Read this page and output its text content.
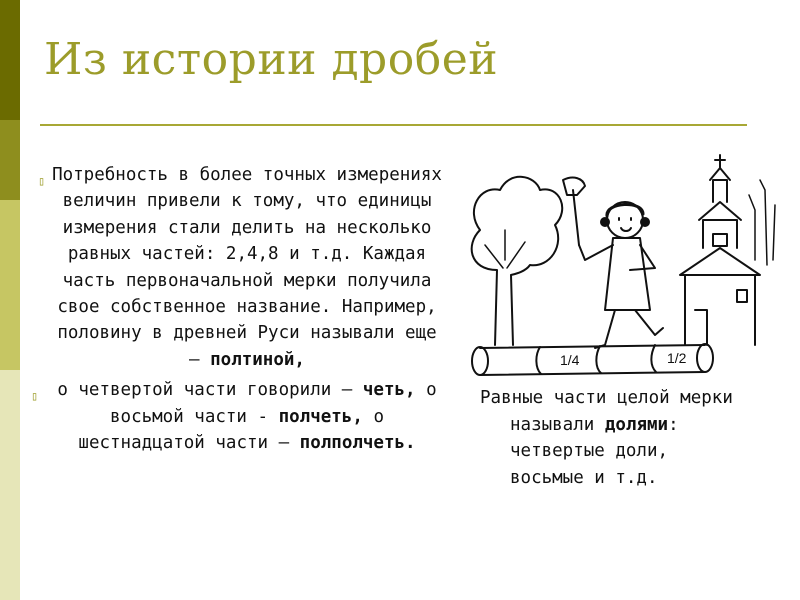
Из истории дробей
▯ Потребность в более точных измерениях величин привели к тому, что единицы измерения стали делить на несколько равных частей: 2,4,8 и т.д. Каждая часть первоначальной мерки получила свое собственное название. Например, половину в древней Руси называли еще – полтиной,
▯	о четвертой части говорили – четь, о восьмой части - полчеть, о шестнадцатой части – полполчеть.
1/4	1/2
Равные части целой мерки
называли долями:
четвертые доли,
восьмые и т.д.
